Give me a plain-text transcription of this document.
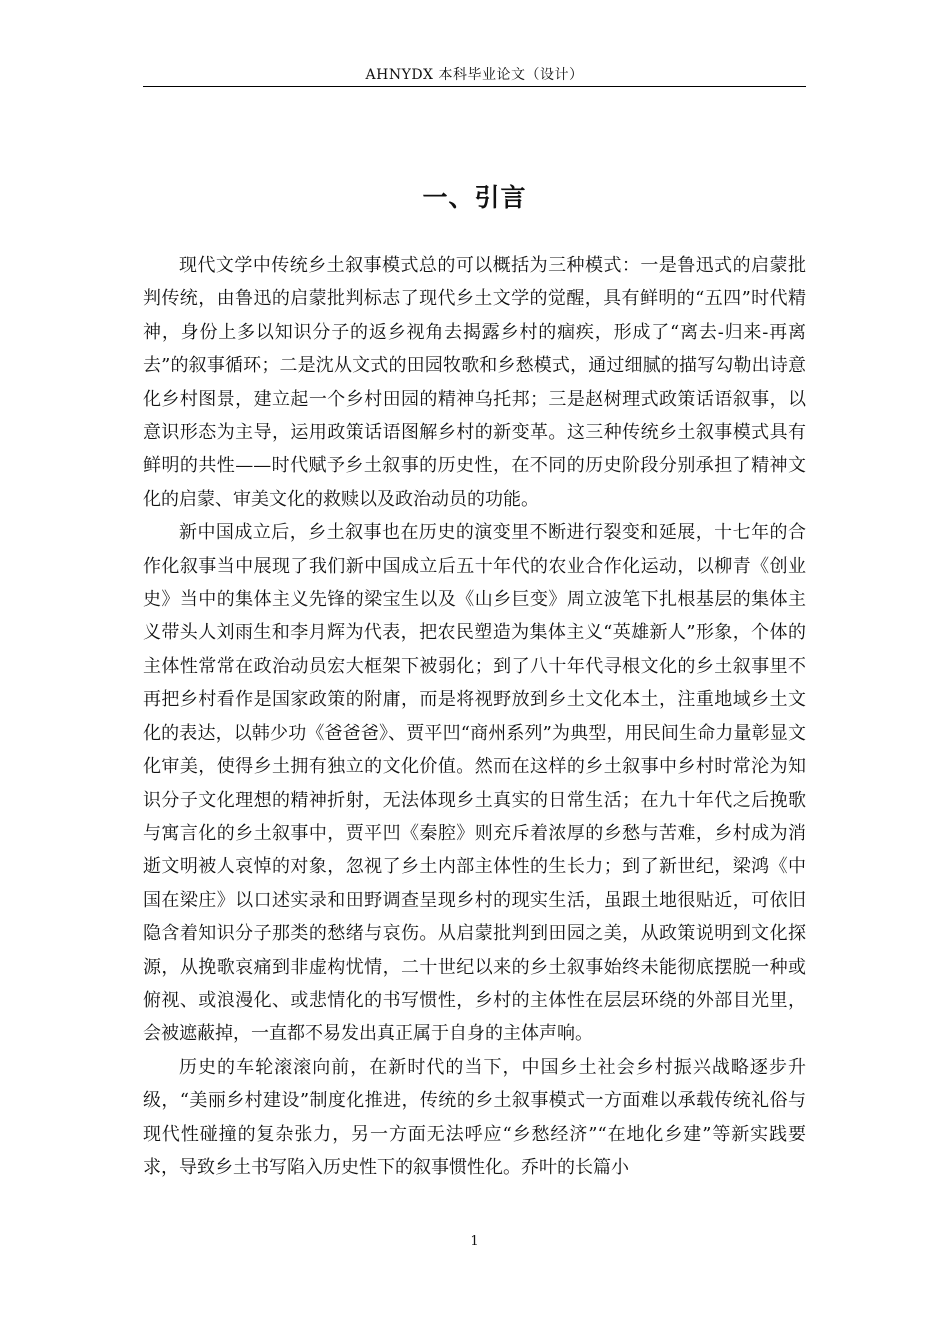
AHNYDX 本科毕业论文（设计）
一、引言

现代文学中传统乡土叙事模式总的可以概括为三种模式：一是鲁迅式的启蒙批判传统，由鲁迅的启蒙批判标志了现代乡土文学的觉醒，具有鲜明的“五四”时代精神，身份上多以知识分子的返乡视角去揭露乡村的痼疾，形成了“离去-归来-再离去”的叙事循环；二是沈从文式的田园牧歌和乡愁模式，通过细腻的描写勾勒出诗意化乡村图景，建立起一个乡村田园的精神乌托邦；三是赵树理式政策话语叙事，以意识形态为主导，运用政策话语图解乡村的新变革。这三种传统乡土叙事模式具有鲜明的共性——时代赋予乡土叙事的历史性，在不同的历史阶段分别承担了精神文化的启蒙、审美文化的救赎以及政治动员的功能。

新中国成立后，乡土叙事也在历史的演变里不断进行裂变和延展，十七年的合作化叙事当中展现了我们新中国成立后五十年代的农业合作化运动，以柳青《创业史》当中的集体主义先锋的梁宝生以及《山乡巨变》周立波笔下扎根基层的集体主义带头人刘雨生和李月辉为代表，把农民塑造为集体主义“英雄新人”形象，个体的主体性常常在政治动员宏大框架下被弱化；到了八十年代寻根文化的乡土叙事里不再把乡村看作是国家政策的附庸，而是将视野放到乡土文化本土，注重地域乡土文化的表达，以韩少功《爸爸爸》、贾平凹“商州系列”为典型，用民间生命力量彰显文化审美，使得乡土拥有独立的文化价值。然而在这样的乡土叙事中乡村时常沦为知识分子文化理想的精神折射，无法体现乡土真实的日常生活；在九十年代之后挽歌与寓言化的乡土叙事中，贾平凹《秦腔》则充斥着浓厚的乡愁与苦难，乡村成为消逝文明被人哀悼的对象，忽视了乡土内部主体性的生长力；到了新世纪，梁鸿《中国在梁庄》以口述实录和田野调查呈现乡村的现实生活，虽跟土地很贴近，可依旧隐含着知识分子那类的愁绪与哀伤。从启蒙批判到田园之美，从政策说明到文化探源，从挽歌哀痛到非虚构忧情，二十世纪以来的乡土叙事始终未能彻底摆脱一种或俯视、或浪漫化、或悲情化的书写惯性，乡村的主体性在层层环绕的外部目光里，会被遮蔽掉，一直都不易发出真正属于自身的主体声响。

历史的车轮滚滚向前，在新时代的当下，中国乡土社会乡村振兴战略逐步升级，“美丽乡村建设”制度化推进，传统的乡土叙事模式一方面难以承载传统礼俗与现代性碰撞的复杂张力，另一方面无法呼应“乡愁经济”“在地化乡建”等新实践要求，导致乡土书写陷入历史性下的叙事惯性化。乔叶的长篇小

1
